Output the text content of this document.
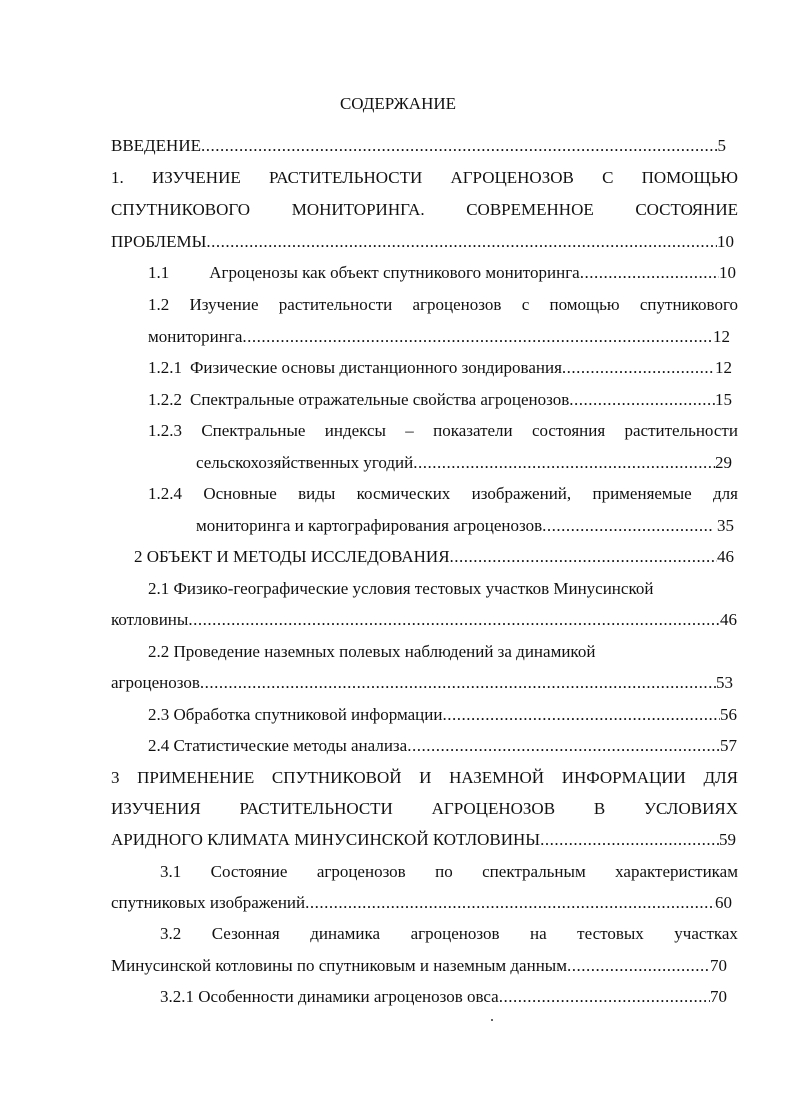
СОДЕРЖАНИЕ
ВВЕДЕНИЕ .....	5
1. ИЗУЧЕНИЕ РАСТИТЕЛЬНОСТИ АГРОЦЕНОЗОВ С ПОМОЩЬЮ
СПУТНИКОВОГО МОНИТОРИНГА. СОВРЕМЕННОЕ СОСТОЯНИЕ
ПРОБЛЕМЫ .....	10
1.1 Агроценозы как объект спутникового мониторинга .....	10
1.2 Изучение растительности агроценозов с помощью спутникового
мониторинга .....	12
1.2.1 Физические основы дистанционного зондирования .....	12
1.2.2 Спектральные отражательные свойства агроценозов .....	15
1.2.3 Спектральные индексы – показатели состояния растительности
сельскохозяйственных угодий .....	29
1.2.4 Основные виды космических изображений, применяемые для
мониторинга и картографирования агроценозов .....	35
2 ОБЪЕКТ И МЕТОДЫ ИССЛЕДОВАНИЯ .....	46
2.1 Физико-географические условия тестовых участков Минусинской
котловины .....	46
2.2 Проведение наземных полевых наблюдений за динамикой
агроценозов .....	53
2.3 Обработка спутниковой информации .....	56
2.4 Статистические методы анализа .....	57
3 ПРИМЕНЕНИЕ СПУТНИКОВОЙ И НАЗЕМНОЙ ИНФОРМАЦИИ ДЛЯ
ИЗУЧЕНИЯ РАСТИТЕЛЬНОСТИ АГРОЦЕНОЗОВ В УСЛОВИЯХ
АРИДНОГО КЛИМАТА МИНУСИНСКОЙ КОТЛОВИНЫ .....	59
3.1 Состояние агроценозов по спектральным характеристикам
спутниковых изображений .....	60
3.2 Сезонная динамика агроценозов на тестовых участках
Минусинской котловины по спутниковым и наземным данным .....	70
3.2.1 Особенности динамики агроценозов овса .....	70
